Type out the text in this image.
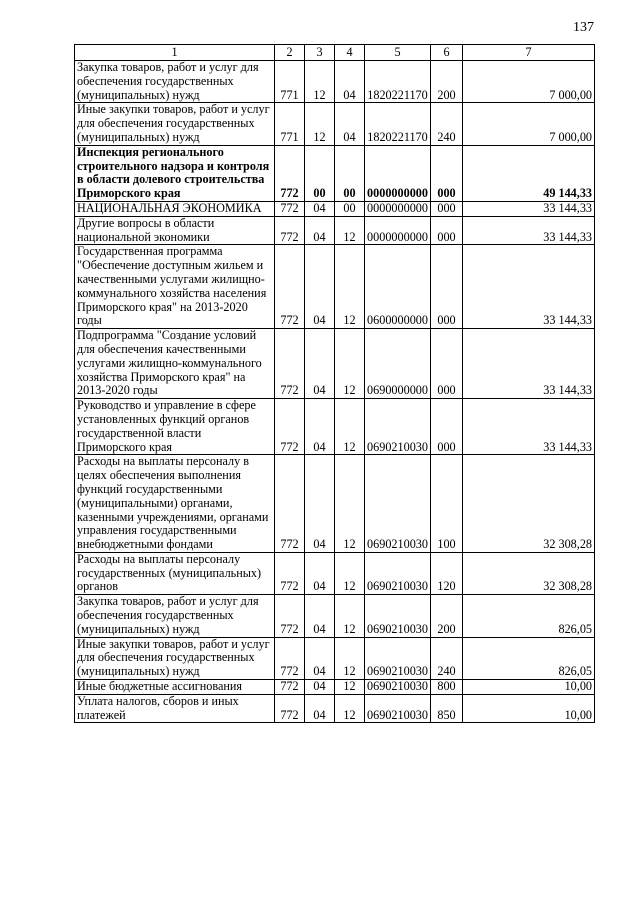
137
1	2	3	4	5	6	7
Закупка товаров, работ и услуг для обеспечения государственных (муниципальных) нужд	771	12	04	1820221170	200	7 000,00
Иные закупки товаров, работ и услуг для обеспечения государственных (муниципальных) нужд	771	12	04	1820221170	240	7 000,00
Инспекция регионального строительного надзора и контроля в области долевого строительства Приморского края	772	00	00	0000000000	000	49 144,33
НАЦИОНАЛЬНАЯ ЭКОНОМИКА	772	04	00	0000000000	000	33 144,33
Другие вопросы в области национальной экономики	772	04	12	0000000000	000	33 144,33
Государственная программа "Обеспечение доступным жильем и качественными услугами жилищно-коммунального хозяйства населения Приморского края" на 2013-2020 годы	772	04	12	0600000000	000	33 144,33
Подпрограмма "Создание условий для обеспечения качественными услугами жилищно-коммунального хозяйства Приморского края" на 2013-2020 годы	772	04	12	0690000000	000	33 144,33
Руководство и управление в сфере установленных функций органов государственной власти Приморского края	772	04	12	0690210030	000	33 144,33
Расходы на выплаты персоналу в целях обеспечения выполнения функций государственными (муниципальными) органами, казенными учреждениями, органами управления государственными внебюджетными фондами	772	04	12	0690210030	100	32 308,28
Расходы на выплаты персоналу государственных (муниципальных) органов	772	04	12	0690210030	120	32 308,28
Закупка товаров, работ и услуг для обеспечения государственных (муниципальных) нужд	772	04	12	0690210030	200	826,05
Иные закупки товаров, работ и услуг для обеспечения государственных (муниципальных) нужд	772	04	12	0690210030	240	826,05
Иные бюджетные ассигнования	772	04	12	0690210030	800	10,00
Уплата налогов, сборов и иных платежей	772	04	12	0690210030	850	10,00
